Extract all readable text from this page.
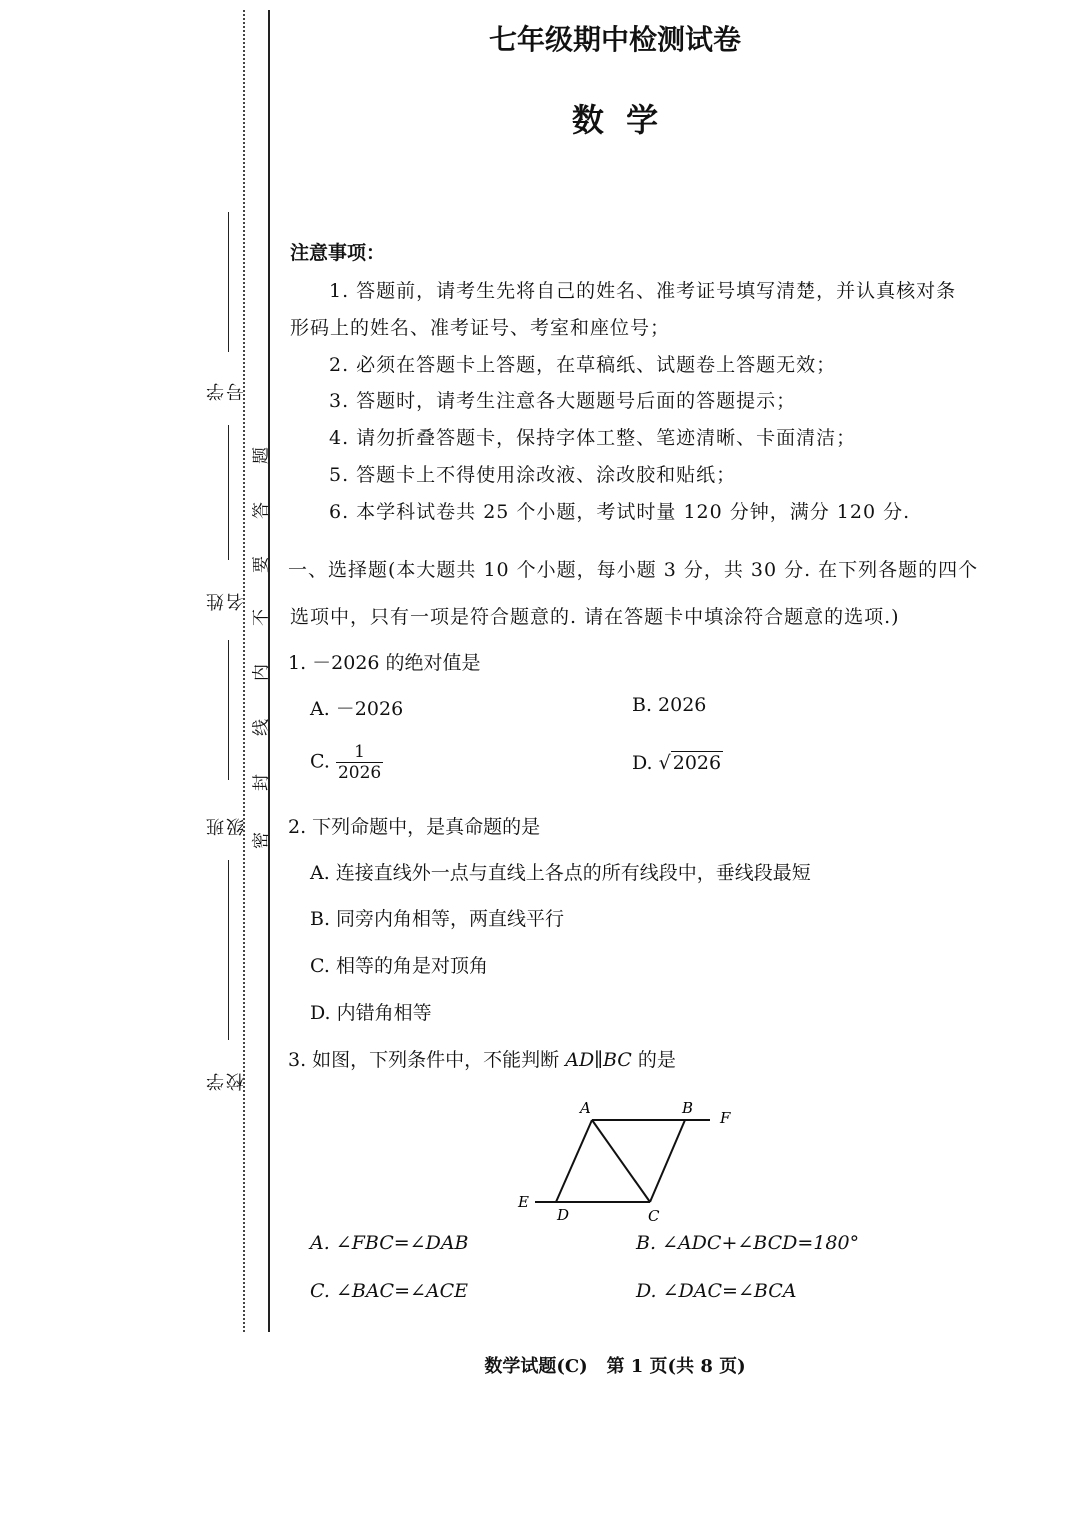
学 号
姓 名
班 级
学 校
密
封
线
内
不
要
答
题
七年级期中检测试卷
数  学
注意事项：
1. 答题前，请考生先将自己的姓名、准考证号填写清楚，并认真核对条
形码上的姓名、准考证号、考室和座位号；
2. 必须在答题卡上答题，在草稿纸、试题卷上答题无效；
3. 答题时，请考生注意各大题题号后面的答题提示；
4. 请勿折叠答题卡，保持字体工整、笔迹清晰、卡面清洁；
5. 答题卡上不得使用涂改液、涂改胶和贴纸；
6. 本学科试卷共 25 个小题，考试时量 120 分钟，满分 120 分.
一、选择题(本大题共 10 个小题，每小题 3 分，共 30 分. 在下列各题的四个
选项中，只有一项是符合题意的. 请在答题卡中填涂符合题意的选项.)
1. －2026 的绝对值是
A. －2026	B. 2026
C. $\frac{1}{2026}$	D. √ 2026
2. 下列命题中，是真命题的是
A. 连接直线外一点与直线上各点的所有线段中，垂线段最短
B. 同旁内角相等，两直线平行
C. 相等的角是对顶角
D. 内错角相等
3. 如图，下列条件中，不能判断 AD∥BC 的是
A	B
F
E
D	C
A. ∠FBC=∠DAB	B. ∠ADC+∠BCD=180°
C. ∠BAC=∠ACE	D. ∠DAC=∠BCA
数学试题(C)   第 1 页(共 8 页)
